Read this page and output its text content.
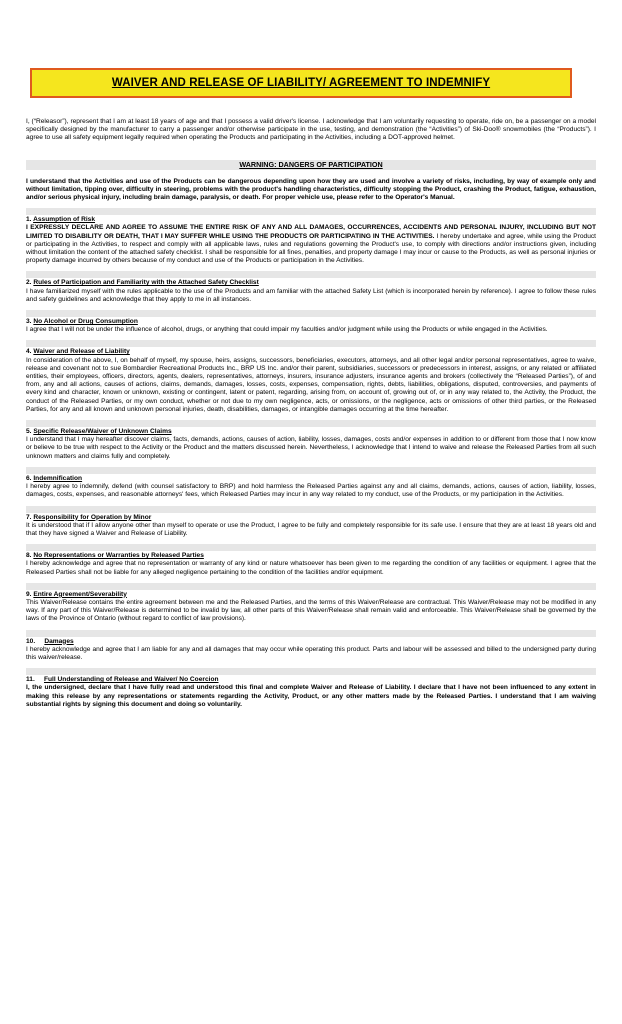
WAIVER AND RELEASE OF LIABILITY/ AGREEMENT TO INDEMNIFY
I, (“Releasor”), represent that I am at least 18 years of age and that I possess a valid driver's license. I acknowledge that I am voluntarily requesting to operate, ride on, be a passenger on a model specifically designed by the manufacturer to carry a passenger and/or otherwise participate in the use, testing, and demonstration (the “Activities”) of Ski-Doo® snowmobiles (the “Products”). I agree to use all safety equipment legally required when operating the Products and participating in the Activities, including a DOT-approved helmet.
WARNING: DANGERS OF PARTICIPATION
I understand that the Activities and use of the Products can be dangerous depending upon how they are used and involve a variety of risks, including, by way of example only and without limitation, tipping over, difficulty in steering, problems with the product's handling characteristics, difficulty stopping the Product, crashing the Product, fatigue, exhaustion, and/or serious physical injury, including brain damage, paralysis, or death. For proper vehicle use, please refer to the Operator's Manual.
1. Assumption of Risk
I EXPRESSLY DECLARE AND AGREE TO ASSUME THE ENTIRE RISK OF ANY AND ALL DAMAGES, OCCURRENCES, ACCIDENTS AND PERSONAL INJURY, INCLUDING BUT NOT LIMITED TO DISABILITY OR DEATH, THAT I MAY SUFFER WHILE USING THE PRODUCTS OR PARTICIPATING IN THE ACTIVITIES. I hereby undertake and agree, while using the Product or participating in the Activities, to respect and comply with all applicable laws, rules and regulations governing the Product's use, to comply with directions and/or instructions given, including without limitation the content of the attached safety checklist. I shall be responsible for all fines, penalties, and property damage I may incur or cause to the Products, as well as personal injuries or property damage incurred by others because of my conduct and use of the Products or participation in the Activities.
2. Rules of Participation and Familiarity with the Attached Safety Checklist
I have familiarized myself with the rules applicable to the use of the Products and am familiar with the attached Safety List (which is incorporated herein by reference). I agree to follow these rules and safety guidelines and acknowledge that they apply to me in all instances.
3. No Alcohol or Drug Consumption
I agree that I will not be under the influence of alcohol, drugs, or anything that could impair my faculties and/or judgment while using the Products or while engaged in the Activities.
4. Waiver and Release of Liability
In consideration of the above, I, on behalf of myself, my spouse, heirs, assigns, successors, beneficiaries, executors, attorneys, and all other legal and/or personal representatives, agree to waive, release and covenant not to sue Bombardier Recreational Products Inc., BRP US Inc. and/or their parent, subsidiaries, successors or predecessors in interest, assigns, or any related or affiliated entities, their employees, officers, directors, agents, dealers, representatives, attorneys, insurers, insurance adjusters, insurance agents and brokers (collectively the “Released Parties”), of and from, any and all actions, causes of actions, claims, demands, damages, losses, costs, expenses, compensation, rights, debts, liabilities, obligations, disputed, controversies, and payments of every kind and character, known or unknown, existing or contingent, latent or patent, regarding, arising from, on account of, growing out of, or in any way related to, the Activity, the Product, the conduct of the Released Parties, or my own conduct, whether or not due to my own negligence, acts, or omissions, or the negligence, acts or omissions of other third parties, or the Released Parties, for any and all known and unknown personal injuries, death, disabilities, damages, or intangible damages occurring at the time hereafter.
5. Specific Release/Waiver of Unknown Claims
I understand that I may hereafter discover claims, facts, demands, actions, causes of action, liability, losses, damages, costs and/or expenses in addition to or different from those that I now know or believe to be true with respect to the Activity or the Product and the matters discussed herein. Nevertheless, I acknowledge that I intend to waive and release the Released Parties from all such unknown matters and claims fully and completely.
6. Indemnification
I hereby agree to indemnify, defend (with counsel satisfactory to BRP) and hold harmless the Released Parties against any and all claims, demands, actions, causes of action, liability, losses, damages, costs, expenses, and reasonable attorneys' fees, which Released Parties may incur in any way related to my conduct, use of the Products, or my participation in the Activities.
7. Responsibility for Operation by Minor
It is understood that if I allow anyone other than myself to operate or use the Product, I agree to be fully and completely responsible for its safe use. I ensure that they are at least 18 years old and that they have signed a Waiver and Release of Liability.
8. No Representations or Warranties by Released Parties
I hereby acknowledge and agree that no representation or warranty of any kind or nature whatsoever has been given to me regarding the condition of any facilities or equipment. I agree that the Released Parties shall not be liable for any alleged negligence pertaining to the condition of the facilities and/or equipment.
9. Entire Agreement/Severability
This Waiver/Release contains the entire agreement between me and the Released Parties, and the terms of this Waiver/Release are contractual. This Waiver/Release may not be modified in any way. If any part of this Waiver/Release is determined to be invalid by law, all other parts of this Waiver/Release shall remain valid and enforceable. This Waiver/Release shall be governed by the laws of the Province of Ontario (without regard to conflict of law provisions).
10. Damages
I hereby acknowledge and agree that I am liable for any and all damages that may occur while operating this product. Parts and labour will be assessed and billed to the undersigned party during this waiver/release.
11. Full Understanding of Release and Waiver/ No Coercion
I, the undersigned, declare that I have fully read and understood this final and complete Waiver and Release of Liability. I declare that I have not been influenced to any extent in making this release by any representations or statements regarding the Activity, Product, or any other matters made by the Released Parties. I understand that I am waiving substantial rights by signing this document and doing so voluntarily.
